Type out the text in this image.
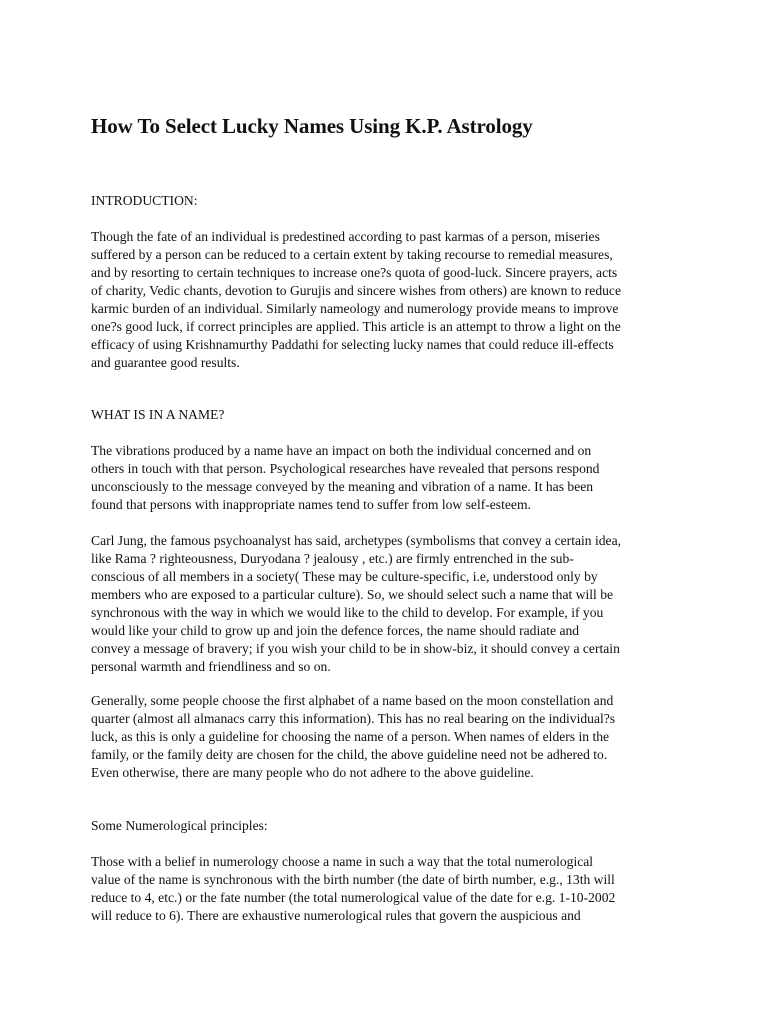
How To Select Lucky Names Using K.P. Astrology

INTRODUCTION:

Though the fate of an individual is predestined according to past karmas of a person, miseries
suffered by a person can be reduced to a certain extent by taking recourse to remedial measures,
and by resorting to certain techniques to increase one?s quota of good-luck. Sincere prayers, acts
of charity, Vedic chants, devotion to Gurujis and sincere wishes from others) are known to reduce
karmic burden of an individual. Similarly nameology and numerology provide means to improve
one?s good luck, if correct principles are applied. This article is an attempt to throw a light on the
efficacy of using Krishnamurthy Paddathi for selecting lucky names that could reduce ill-effects
and guarantee good results.

WHAT IS IN A NAME?

The vibrations produced by a name have an impact on both the individual concerned and on
others in touch with that person. Psychological researches have revealed that persons respond
unconsciously to the message conveyed by the meaning and vibration of a name. It has been
found that persons with inappropriate names tend to suffer from low self-esteem.
Carl Jung, the famous psychoanalyst has said, archetypes (symbolisms that convey a certain idea,
like Rama ? righteousness, Duryodana ? jealousy , etc.) are firmly entrenched in the sub-
conscious of all members in a society( These may be culture-specific, i.e, understood only by
members who are exposed to a particular culture). So, we should select such a name that will be
synchronous with the way in which we would like to the child to develop. For example, if you
would like your child to grow up and join the defence forces, the name should radiate and
convey a message of bravery; if you wish your child to be in show-biz, it should convey a certain
personal warmth and friendliness and so on.
Generally, some people choose the first alphabet of a name based on the moon constellation and
quarter (almost all almanacs carry this information). This has no real bearing on the individual?s
luck, as this is only a guideline for choosing the name of a person. When names of elders in the
family, or the family deity are chosen for the child, the above guideline need not be adhered to.
Even otherwise, there are many people who do not adhere to the above guideline.

Some Numerological principles:

Those with a belief in numerology choose a name in such a way that the total numerological
value of the name is synchronous with the birth number (the date of birth number, e.g., 13th will
reduce to 4, etc.) or the fate number (the total numerological value of the date for e.g. 1-10-2002
will reduce to 6). There are exhaustive numerological rules that govern the auspicious and
